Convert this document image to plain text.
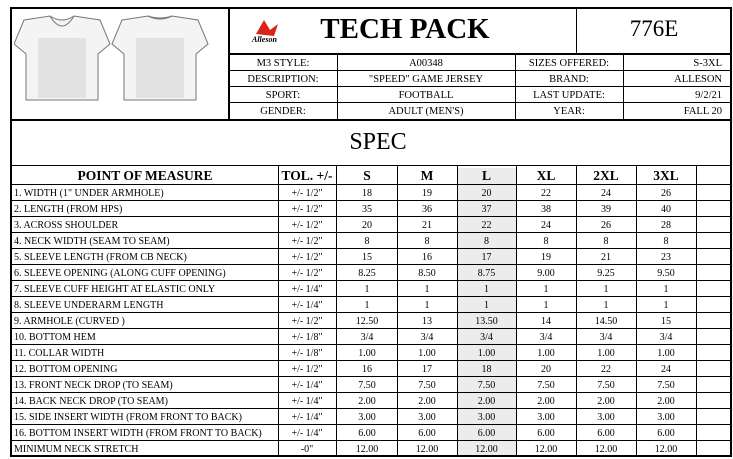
Alleson	TECH PACK	776E
M3 STYLE:	A00348	SIZES OFFERED:	S-3XL
DESCRIPTION:	"SPEED" GAME JERSEY	BRAND:	ALLESON
SPORT:	FOOTBALL	LAST UPDATE:	9/2/21
GENDER:	ADULT (MEN'S)	YEAR:	FALL 20
SPEC
POINT OF MEASURE	TOL. +/-	S	M	L	XL	2XL	3XL
1. WIDTH (1" UNDER ARMHOLE)	+/- 1/2"	18	19	20	22	24	26
2. LENGTH (FROM HPS)	+/- 1/2"	35	36	37	38	39	40
3. ACROSS SHOULDER	+/- 1/2"	20	21	22	24	26	28
4. NECK WIDTH (SEAM TO SEAM)	+/- 1/2"	8	8	8	8	8	8
5. SLEEVE LENGTH (FROM CB NECK)	+/- 1/2"	15	16	17	19	21	23
6. SLEEVE OPENING (ALONG CUFF OPENING)	+/- 1/2"	8.25	8.50	8.75	9.00	9.25	9.50
7. SLEEVE CUFF HEIGHT AT ELASTIC ONLY	+/- 1/4"	1	1	1	1	1	1
8. SLEEVE UNDERARM LENGTH	+/- 1/4"	1	1	1	1	1	1
9. ARMHOLE (CURVED )	+/- 1/2"	12.50	13	13.50	14	14.50	15
10. BOTTOM HEM	+/- 1/8"	3/4	3/4	3/4	3/4	3/4	3/4
11. COLLAR WIDTH	+/- 1/8"	1.00	1.00	1.00	1.00	1.00	1.00
12. BOTTOM OPENING	+/- 1/2"	16	17	18	20	22	24
13. FRONT NECK DROP (TO SEAM)	+/- 1/4"	7.50	7.50	7.50	7.50	7.50	7.50
14. BACK NECK DROP (TO SEAM)	+/- 1/4"	2.00	2.00	2.00	2.00	2.00	2.00
15. SIDE INSERT WIDTH (FROM FRONT TO BACK)	+/- 1/4"	3.00	3.00	3.00	3.00	3.00	3.00
16. BOTTOM INSERT WIDTH (FROM FRONT TO BACK)	+/- 1/4"	6.00	6.00	6.00	6.00	6.00	6.00
MINIMUM NECK STRETCH	-0"	12.00	12.00	12.00	12.00	12.00	12.00
